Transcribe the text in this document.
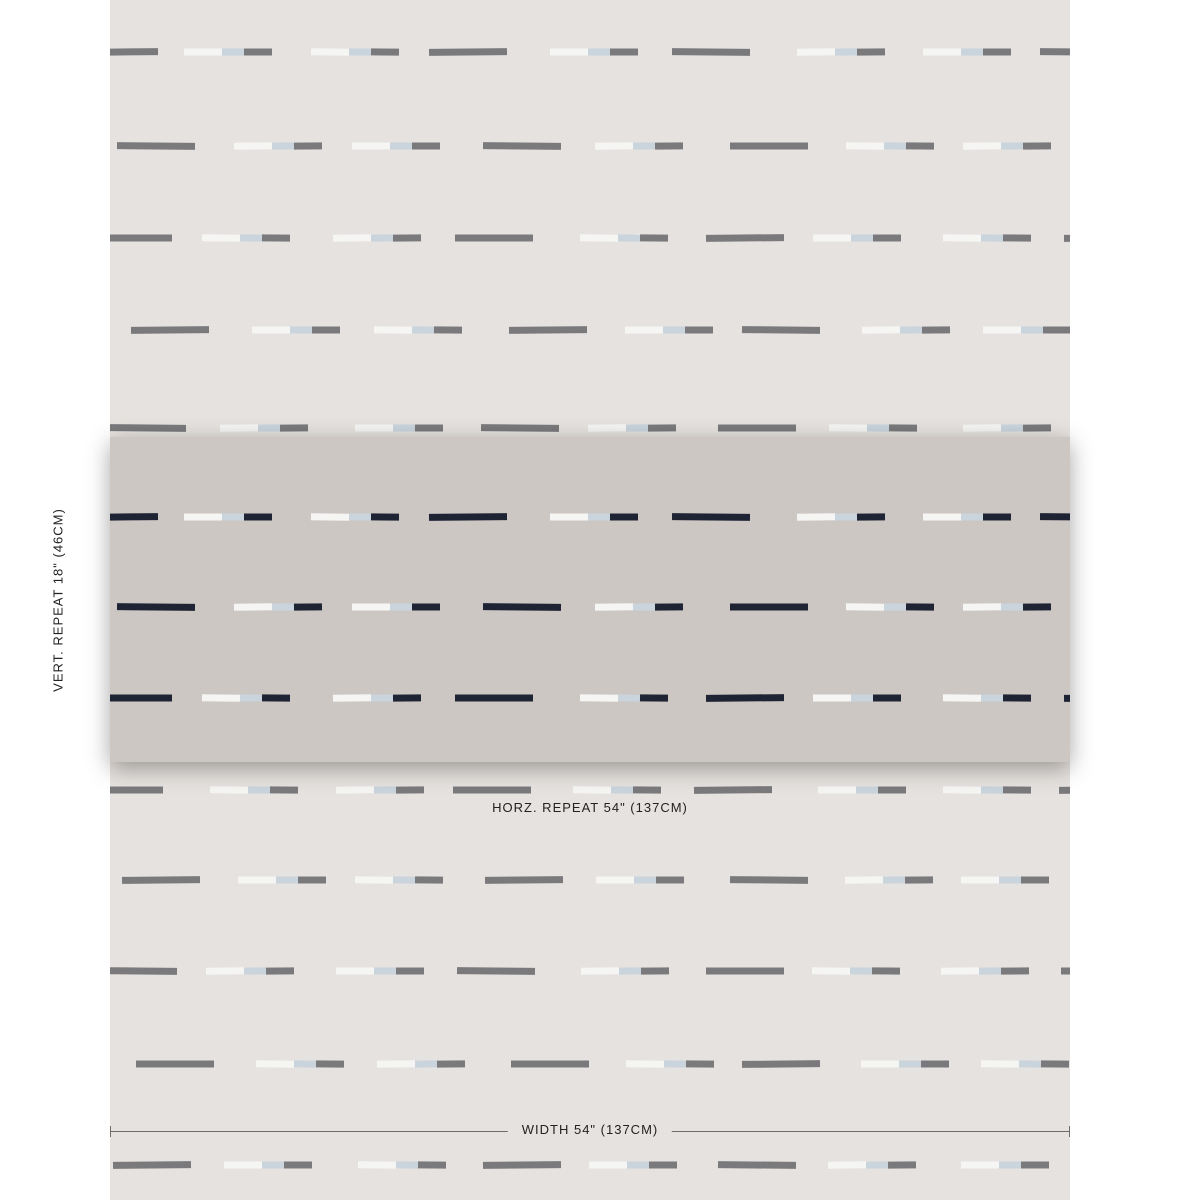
VERT. REPEAT 18" (46CM)
HORZ. REPEAT 54" (137CM)
WIDTH 54" (137CM)
